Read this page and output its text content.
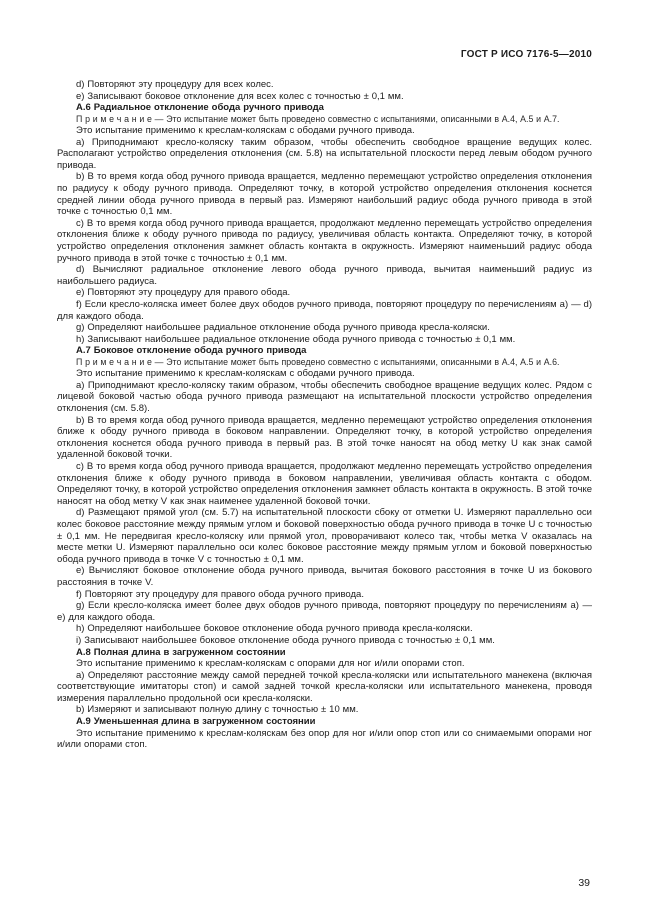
ГОСТ Р ИСО 7176-5—2010

d) Повторяют эту процедуру для всех колес.

е) Записывают боковое отклонение для всех колес с точностью ± 0,1 мм.

А.6 Радиальное отклонение обода ручного привода

П р и м е ч а н и е — Это испытание может быть проведено совместно с испытаниями, описанными в А.4, А.5 и А.7.

Это испытание применимо к креслам-коляскам с ободами ручного привода.

а) Приподнимают кресло-коляску таким образом, чтобы обеспечить свободное вращение ведущих колес. Располагают устройство определения отклонения (см. 5.8) на испытательной плоскости перед левым ободом ручного привода.

b) В то время когда обод ручного привода вращается, медленно перемещают устройство определения отклонения по радиусу к ободу ручного привода. Определяют точку, в которой устройство определения отклонения коснется средней линии обода ручного привода в первый раз. Измеряют наибольший радиус обода ручного привода в этой точке с точностью 0,1 мм.

с) В то время когда обод ручного привода вращается, продолжают медленно перемещать устройство определения отклонения ближе к ободу ручного привода по радиусу, увеличивая область контакта. Определяют точку, в которой устройство определения отклонения замкнет область контакта в окружность. Измеряют наименьший радиус обода ручного привода в этой точке с точностью ± 0,1 мм.

d) Вычисляют радиальное отклонение левого обода ручного привода, вычитая наименьший радиус из наибольшего радиуса.

е) Повторяют эту процедуру для правого обода.

f) Если кресло-коляска имеет более двух ободов ручного привода, повторяют процедуру по перечислениям а) — d) для каждого обода.

g) Определяют наибольшее радиальное отклонение обода ручного привода кресла-коляски.

h) Записывают наибольшее радиальное отклонение обода ручного привода с точностью ± 0,1 мм.

А.7 Боковое отклонение обода ручного привода

П р и м е ч а н и е — Это испытание может быть проведено совместно с испытаниями, описанными в А.4, А.5 и А.6.

Это испытание применимо к креслам-коляскам с ободами ручного привода.

а) Приподнимают кресло-коляску таким образом, чтобы обеспечить свободное вращение ведущих колес. Рядом с лицевой боковой частью обода ручного привода размещают на испытательной плоскости устройство определения отклонения (см. 5.8).

b) В то время когда обод ручного привода вращается, медленно перемещают устройство определения отклонения ближе к ободу ручного привода в боковом направлении. Определяют точку, в которой устройство определения отклонения коснется обода ручного привода в первый раз. В этой точке наносят на обод метку U как знак самой удаленной боковой точки.

с) В то время когда обод ручного привода вращается, продолжают медленно перемещать устройство определения отклонения ближе к ободу ручного привода в боковом направлении, увеличивая область контакта с ободом. Определяют точку, в которой устройство определения отклонения замкнет область контакта в окружность. В этой точке наносят на обод метку V как знак наименее удаленной боковой точки.

d) Размещают прямой угол (см. 5.7) на испытательной плоскости сбоку от отметки U. Измеряют параллельно оси колес боковое расстояние между прямым углом и боковой поверхностью обода ручного привода в точке U с точностью ± 0,1 мм. Не передвигая кресло-коляску или прямой угол, проворачивают колесо так, чтобы метка V оказалась на месте метки U. Измеряют параллельно оси колес боковое расстояние между прямым углом и боковой поверхностью обода ручного привода в точке V с точностью ± 0,1 мм.

е) Вычисляют боковое отклонение обода ручного привода, вычитая бокового расстояния в точке U из бокового расстояния в точке V.

f) Повторяют эту процедуру для правого обода ручного привода.

g) Если кресло-коляска имеет более двух ободов ручного привода, повторяют процедуру по перечислениям а) — е) для каждого обода.

h) Определяют наибольшее боковое отклонение обода ручного привода кресла-коляски.

i) Записывают наибольшее боковое отклонение обода ручного привода с точностью ± 0,1 мм.

А.8 Полная длина в загруженном состоянии

Это испытание применимо к креслам-коляскам с опорами для ног и/или опорами стоп.

а) Определяют расстояние между самой передней точкой кресла-коляски или испытательного манекена (включая соответствующие имитаторы стоп) и самой задней точкой кресла-коляски или испытательного манекена, проводя измерения параллельно продольной оси кресла-коляски.

b) Измеряют и записывают полную длину с точностью ± 10 мм.

А.9 Уменьшенная длина в загруженном состоянии

Это испытание применимо к креслам-коляскам без опор для ног и/или опор стоп или со снимаемыми опорами ног и/или опорами стоп.

39
